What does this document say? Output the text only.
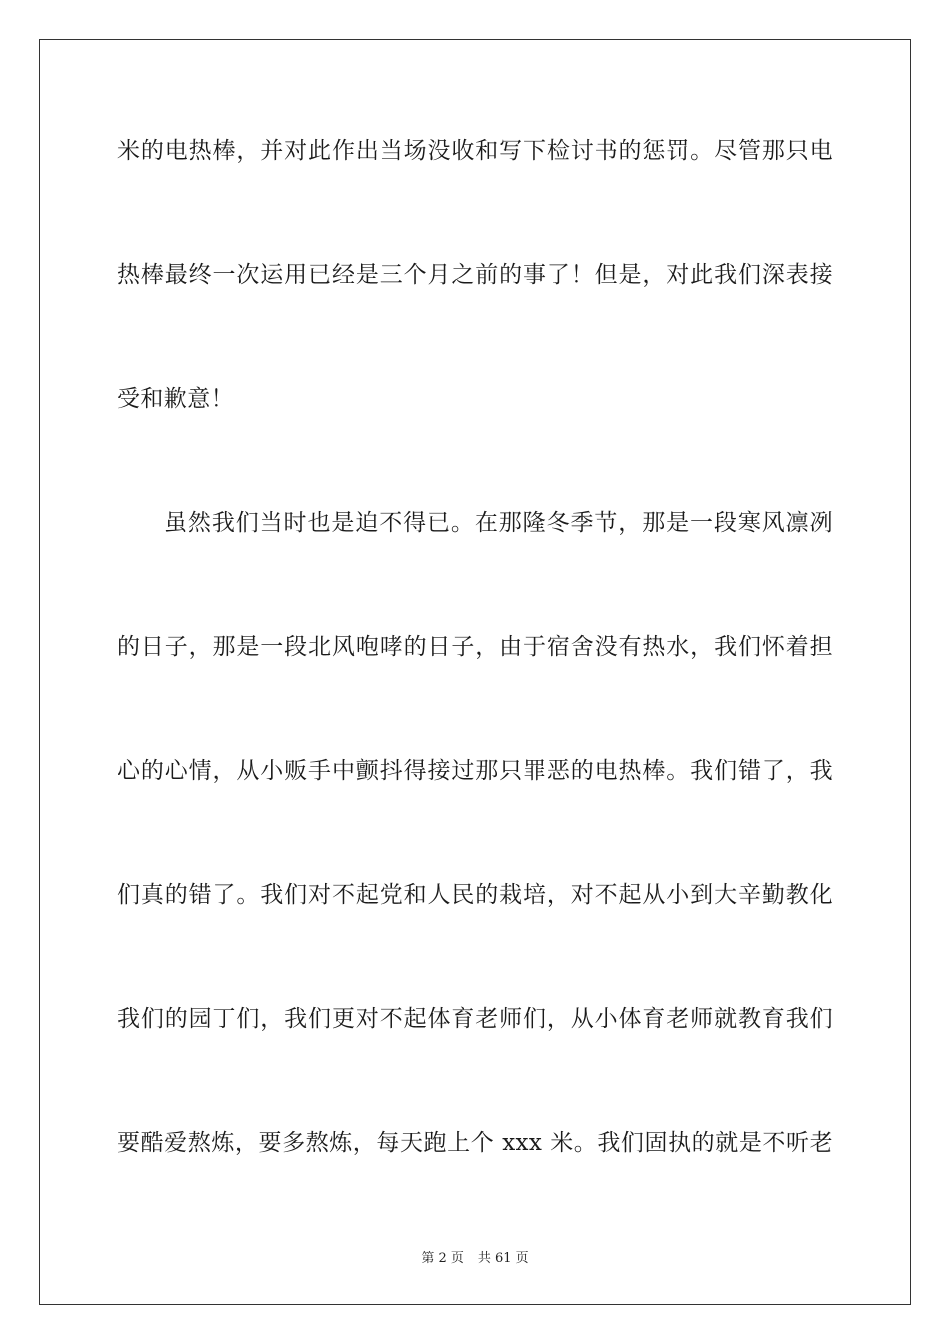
米的电热棒，并对此作出当场没收和写下检讨书的惩罚。尽管那只电
热棒最终一次运用已经是三个月之前的事了！但是，对此我们深表接
受和歉意！
虽然我们当时也是迫不得已。在那隆冬季节，那是一段寒风凛冽
的日子，那是一段北风咆哮的日子，由于宿舍没有热水，我们怀着担
心的心情，从小贩手中颤抖得接过那只罪恶的电热棒。我们错了，我
们真的错了。我们对不起党和人民的栽培，对不起从小到大辛勤教化
我们的园丁们，我们更对不起体育老师们，从小体育老师就教育我们
要酷爱熬炼，要多熬炼，每天跑上个 xxx 米。我们固执的就是不听老
第 2 页 共 61 页
